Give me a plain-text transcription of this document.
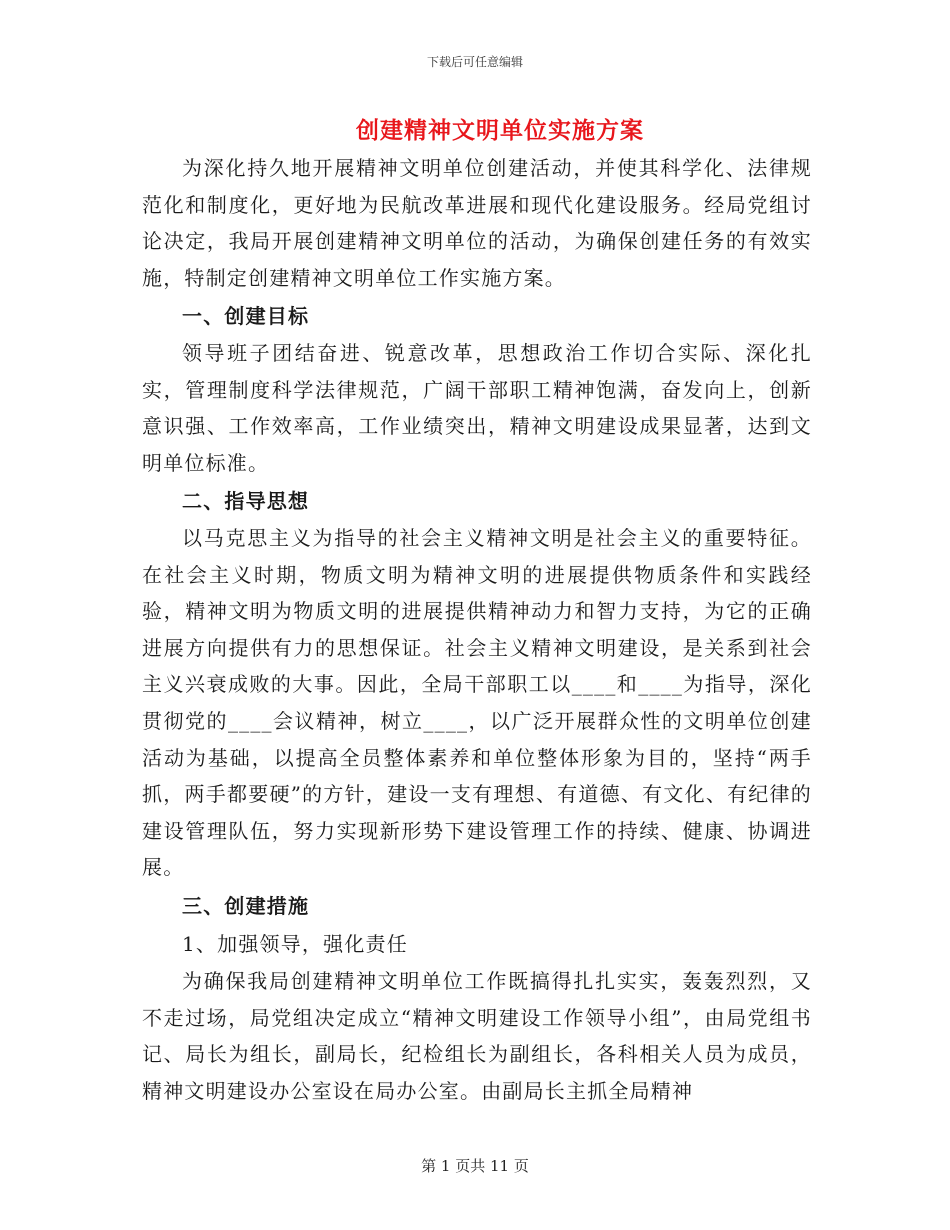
下载后可任意编辑
创建精神文明单位实施方案

为深化持久地开展精神文明单位创建活动，并使其科学化、法律规范化和制度化，更好地为民航改革进展和现代化建设服务。经局党组讨论决定，我局开展创建精神文明单位的活动，为确保创建任务的有效实施，特制定创建精神文明单位工作实施方案。

一、创建目标

领导班子团结奋进、锐意改革，思想政治工作切合实际、深化扎实，管理制度科学法律规范，广阔干部职工精神饱满，奋发向上，创新意识强、工作效率高，工作业绩突出，精神文明建设成果显著，达到文明单位标准。

二、指导思想

以马克思主义为指导的社会主义精神文明是社会主义的重要特征。在社会主义时期，物质文明为精神文明的进展提供物质条件和实践经验，精神文明为物质文明的进展提供精神动力和智力支持，为它的正确进展方向提供有力的思想保证。社会主义精神文明建设，是关系到社会主义兴衰成败的大事。因此，全局干部职工以____和____为指导，深化贯彻党的____会议精神，树立____，以广泛开展群众性的文明单位创建活动为基础，以提高全员整体素养和单位整体形象为目的，坚持“两手抓，两手都要硬”的方针，建设一支有理想、有道德、有文化、有纪律的建设管理队伍，努力实现新形势下建设管理工作的持续、健康、协调进展。

三、创建措施

1、加强领导，强化责任

为确保我局创建精神文明单位工作既搞得扎扎实实，轰轰烈烈，又不走过场，局党组决定成立“精神文明建设工作领导小组”，由局党组书记、局长为组长，副局长，纪检组长为副组长，各科相关人员为成员，精神文明建设办公室设在局办公室。由副局长主抓全局精神

第 1 页共 11 页
